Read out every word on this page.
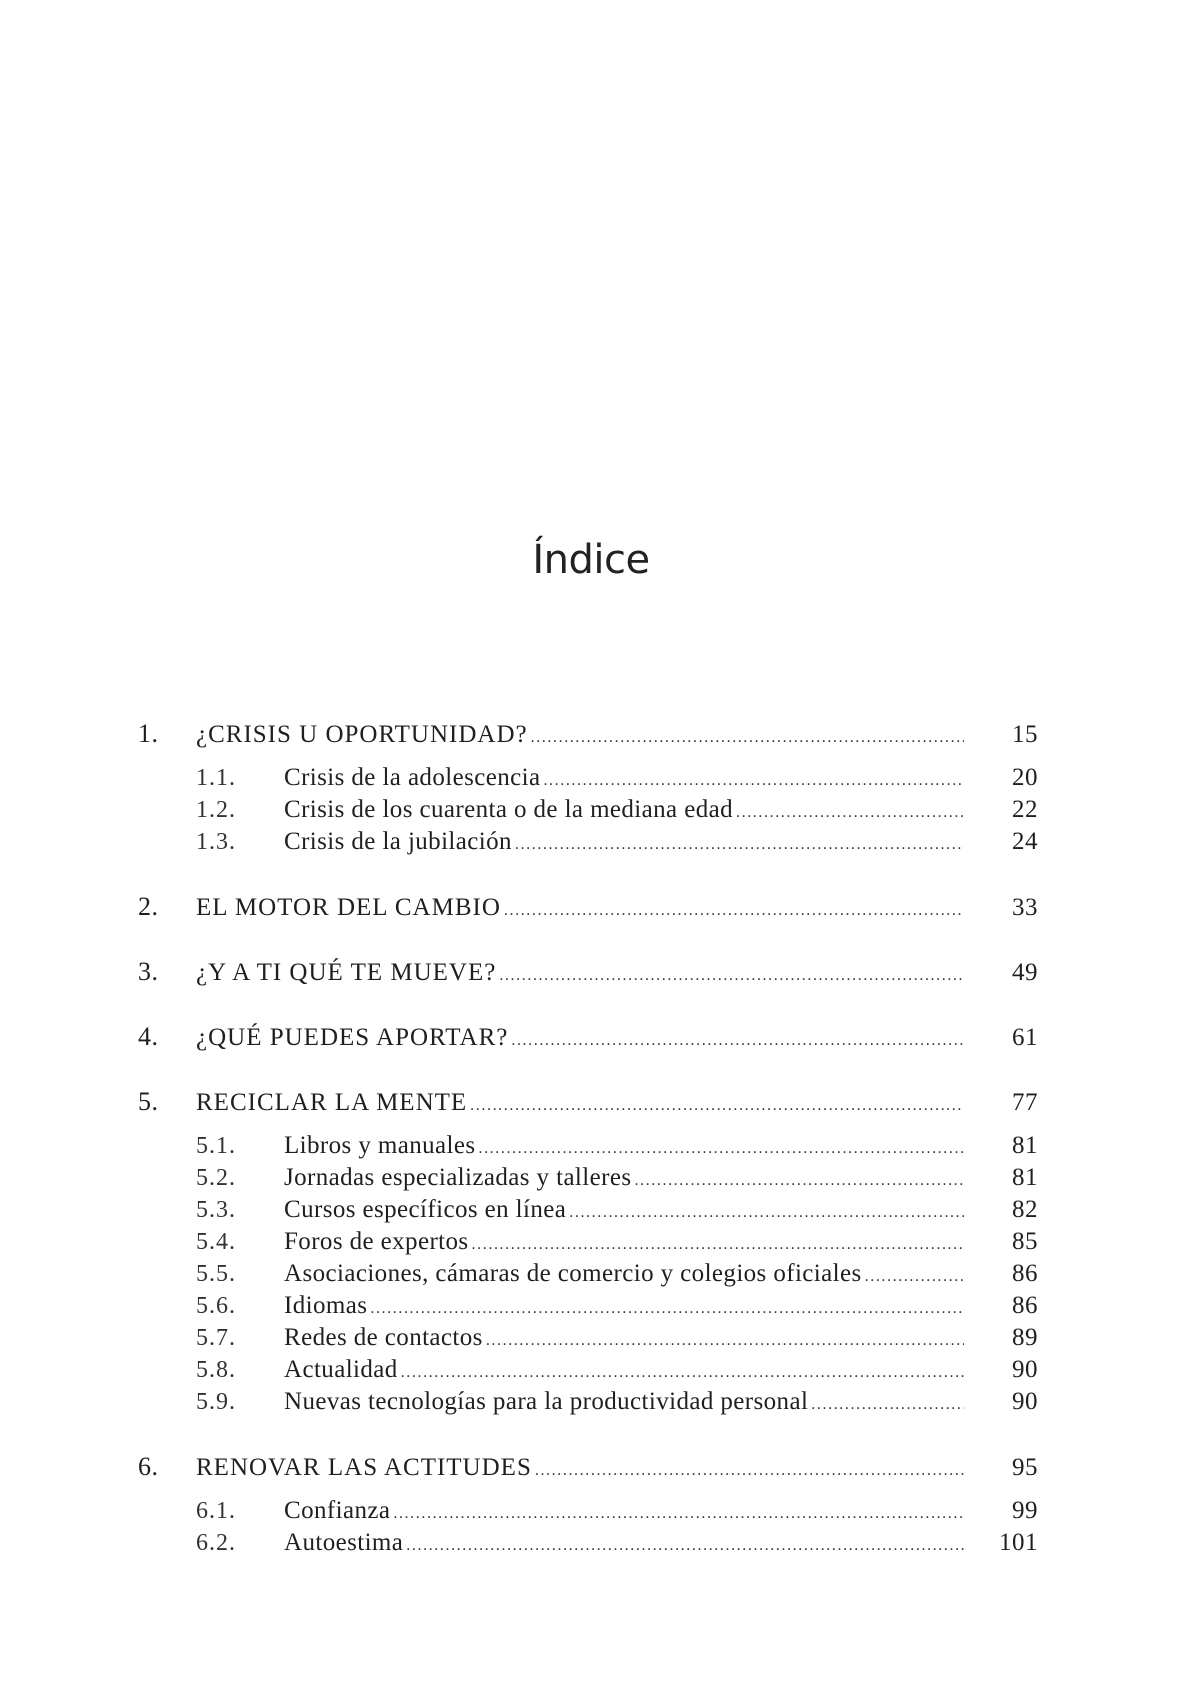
Índice
1.	¿CRISIS U OPORTUNIDAD? .....	15
1.1.	Crisis de la adolescencia .....	20
1.2.	Crisis de los cuarenta o de la mediana edad .....	22
1.3.	Crisis de la jubilación .....	24
2.	EL MOTOR DEL CAMBIO .....	33
3.	¿Y A TI QUÉ TE MUEVE? .....	49
4.	¿QUÉ PUEDES APORTAR? .....	61
5.	RECICLAR LA MENTE .....	77
5.1.	Libros y manuales .....	81
5.2.	Jornadas especializadas y talleres .....	81
5.3.	Cursos específicos en línea .....	82
5.4.	Foros de expertos .....	85
5.5.	Asociaciones, cámaras de comercio y colegios oficiales .....	86
5.6.	Idiomas .....	86
5.7.	Redes de contactos .....	89
5.8.	Actualidad .....	90
5.9.	Nuevas tecnologías para la productividad personal .....	90
6.	RENOVAR LAS ACTITUDES .....	95
6.1.	Confianza .....	99
6.2.	Autoestima .....	101
